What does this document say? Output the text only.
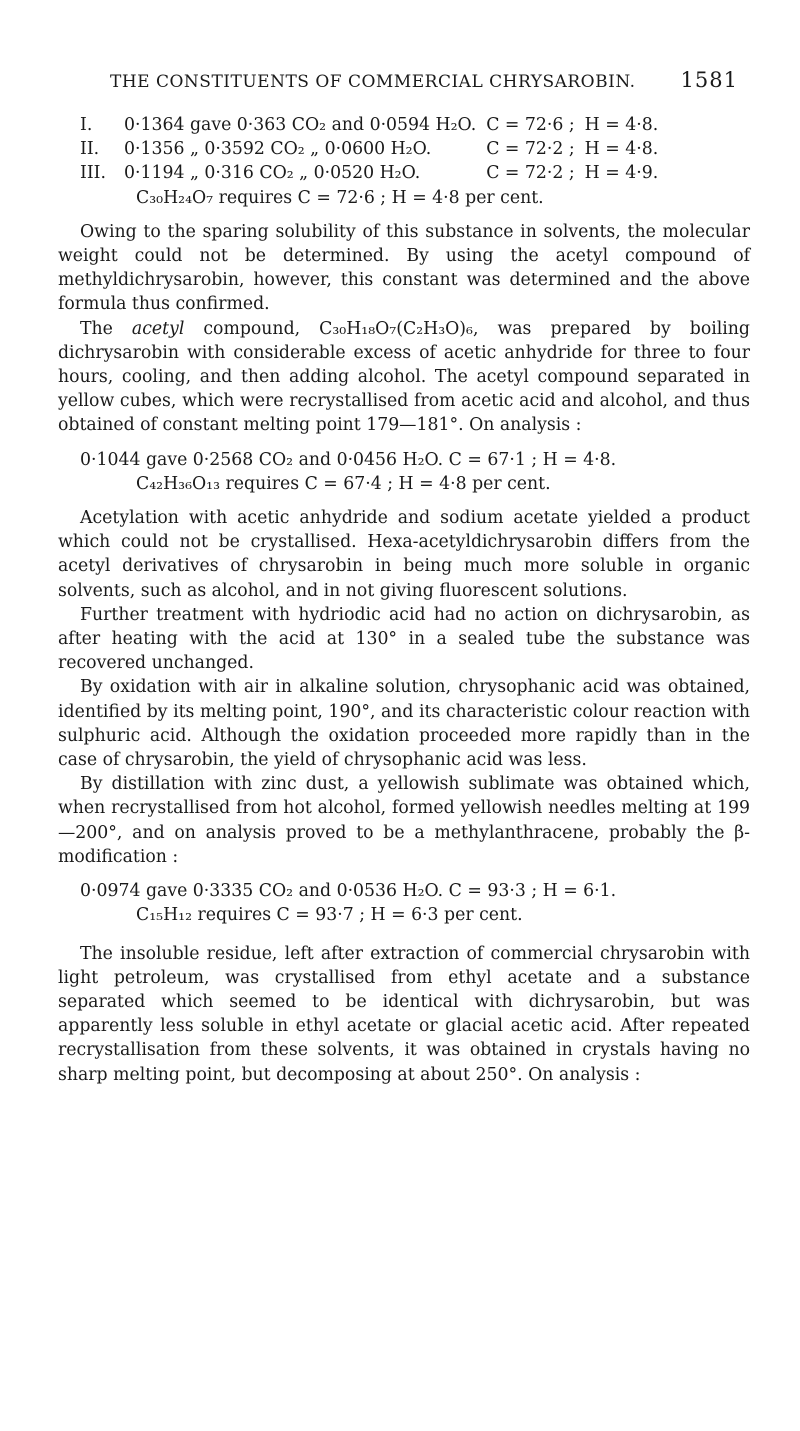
THE CONSTITUENTS OF COMMERCIAL CHRYSAROBIN. 1581
I.	0·1364 gave 0·363 CO₂ and 0·0594 H₂O.	C = 72·6 ;	H = 4·8.
II.	0·1356 „ 0·3592 CO₂ „ 0·0600 H₂O.	C = 72·2 ;	H = 4·8.
III.	0·1194 „ 0·316 CO₂ „ 0·0520 H₂O.	C = 72·2 ;	H = 4·9.
C₃₀H₂₄O₇ requires C = 72·6 ; H = 4·8 per cent.

Owing to the sparing solubility of this substance in solvents, the molecular weight could not be determined. By using the acetyl compound of methyldichrysarobin, however, this constant was determined and the above formula thus confirmed.

The acetyl compound, C₃₀H₁₈O₇(C₂H₃O)₆, was prepared by boiling dichrysarobin with considerable excess of acetic anhydride for three to four hours, cooling, and then adding alcohol. The acetyl compound separated in yellow cubes, which were recrystallised from acetic acid and alcohol, and thus obtained of constant melting point 179—181°. On analysis :

0·1044 gave 0·2568 CO₂ and 0·0456 H₂O. C = 67·1 ; H = 4·8.
C₄₂H₃₆O₁₃ requires C = 67·4 ; H = 4·8 per cent.

Acetylation with acetic anhydride and sodium acetate yielded a product which could not be crystallised. Hexa-acetyldichrysarobin differs from the acetyl derivatives of chrysarobin in being much more soluble in organic solvents, such as alcohol, and in not giving fluorescent solutions.

Further treatment with hydriodic acid had no action on dichrysarobin, as after heating with the acid at 130° in a sealed tube the substance was recovered unchanged.

By oxidation with air in alkaline solution, chrysophanic acid was obtained, identified by its melting point, 190°, and its characteristic colour reaction with sulphuric acid. Although the oxidation proceeded more rapidly than in the case of chrysarobin, the yield of chrysophanic acid was less.

By distillation with zinc dust, a yellowish sublimate was obtained which, when recrystallised from hot alcohol, formed yellowish needles melting at 199—200°, and on analysis proved to be a methylanthracene, probably the β-modification :

0·0974 gave 0·3335 CO₂ and 0·0536 H₂O. C = 93·3 ; H = 6·1.
C₁₅H₁₂ requires C = 93·7 ; H = 6·3 per cent.

The insoluble residue, left after extraction of commercial chrysarobin with light petroleum, was crystallised from ethyl acetate and a substance separated which seemed to be identical with dichrysarobin, but was apparently less soluble in ethyl acetate or glacial acetic acid. After repeated recrystallisation from these solvents, it was obtained in crystals having no sharp melting point, but decomposing at about 250°. On analysis :
